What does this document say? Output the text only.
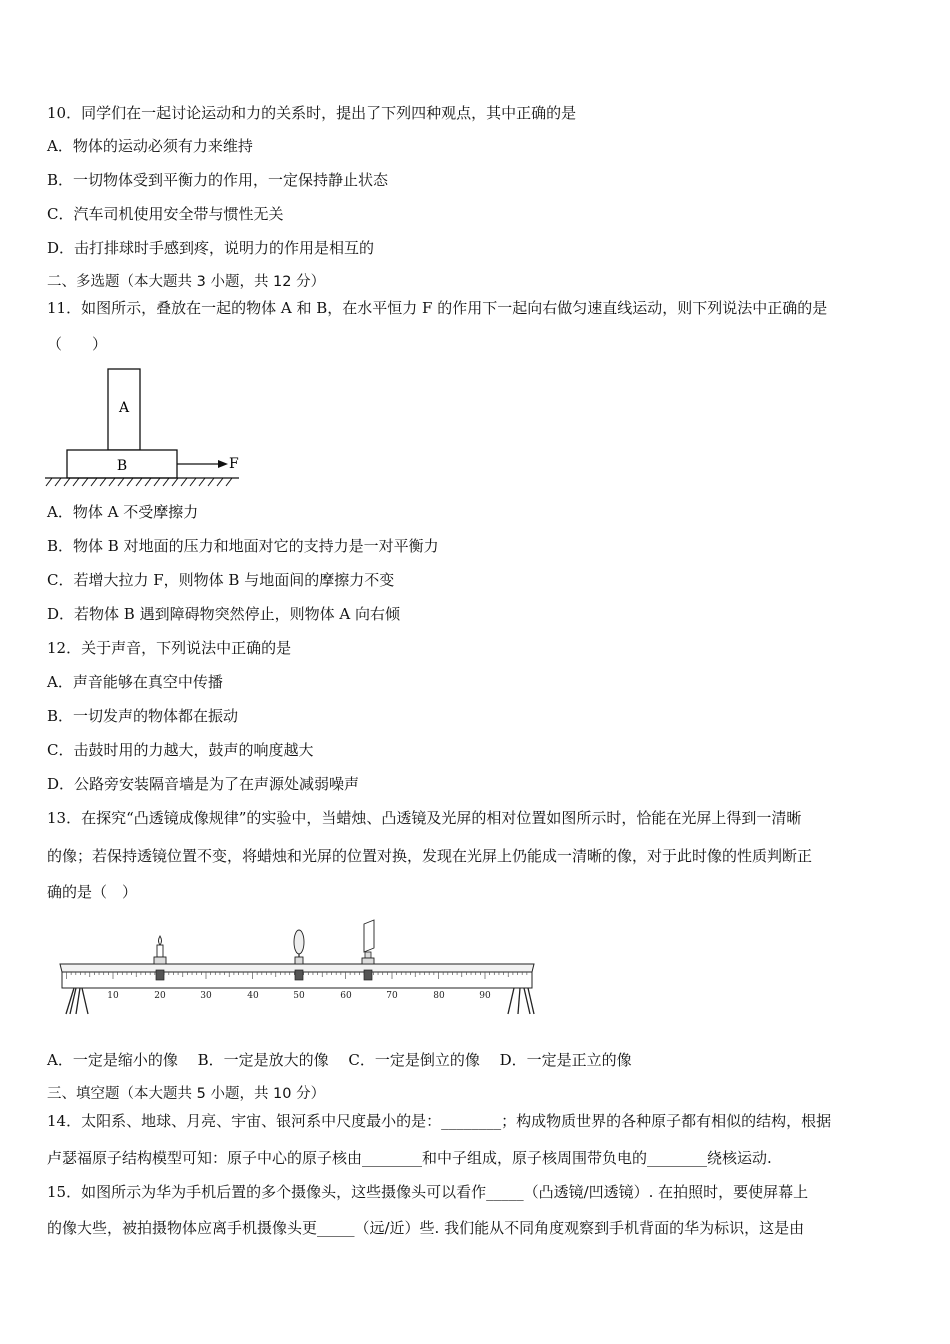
10．同学们在一起讨论运动和力的关系时，提出了下列四种观点，其中正确的是
A．物体的运动必须有力来维持
B．一切物体受到平衡力的作用，一定保持静止状态
C．汽车司机使用安全带与惯性无关
D．击打排球时手感到疼，说明力的作用是相互的
二、多选题（本大题共 3 小题，共 12 分）
11．如图所示，叠放在一起的物体 A 和 B，在水平恒力 F 的作用下一起向右做匀速直线运动，则下列说法中正确的是
（　　）
A
B	F
A．物体 A 不受摩擦力
B．物体 B 对地面的压力和地面对它的支持力是一对平衡力
C．若增大拉力 F，则物体 B 与地面间的摩擦力不变
D．若物体 B 遇到障碍物突然停止，则物体 A 向右倾
12．关于声音，下列说法中正确的是
A．声音能够在真空中传播
B．一切发声的物体都在振动
C．击鼓时用的力越大，鼓声的响度越大
D．公路旁安装隔音墙是为了在声源处减弱噪声
13．在探究“凸透镜成像规律”的实验中，当蜡烛、凸透镜及光屏的相对位置如图所示时，恰能在光屏上得到一清晰
的像；若保持透镜位置不变，将蜡烛和光屏的位置对换，发现在光屏上仍能成一清晰的像，对于此时像的性质判断正
确的是（　）
10	20	30	40	50	60	70	80	90
A．一定是缩小的像　 B．一定是放大的像　 C．一定是倒立的像　 D．一定是正立的像
三、填空题（本大题共 5 小题，共 10 分）
14．太阳系、地球、月亮、宇宙、银河系中尺度最小的是：________；构成物质世界的各种原子都有相似的结构，根据
卢瑟福原子结构模型可知：原子中心的原子核由________和中子组成，原子核周围带负电的________绕核运动.
15．如图所示为华为手机后置的多个摄像头，这些摄像头可以看作_____（凸透镜/凹透镜）. 在拍照时，要使屏幕上
的像大些，被拍摄物体应离手机摄像头更_____（远/近）些. 我们能从不同角度观察到手机背面的华为标识，这是由
